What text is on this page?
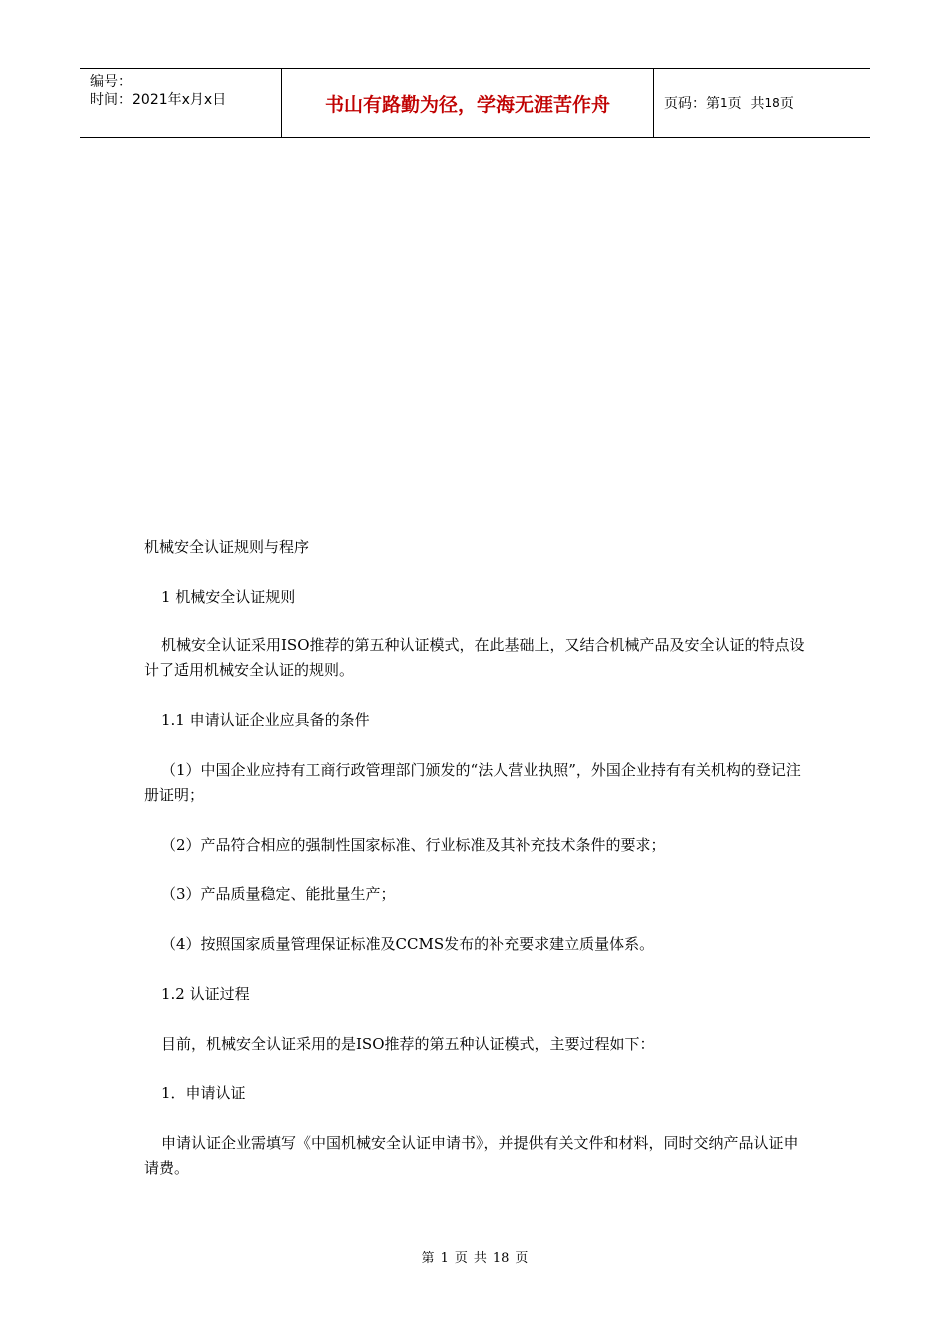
编号：
时间：2021年x月x日	书山有路勤为径，学海无涯苦作舟	页码：第 1 页  共 18 页
机械安全认证规则与程序
1 机械安全认证规则
机械安全认证采用ISO推荐的第五种认证模式，在此基础上，又结合机械产品及安全认证的特点设计了适用机械安全认证的规则。
1.1 申请认证企业应具备的条件
（1）中国企业应持有工商行政管理部门颁发的“法人营业执照”，外国企业持有有关机构的登记注册证明；
（2）产品符合相应的强制性国家标准、行业标准及其补充技术条件的要求；
（3）产品质量稳定、能批量生产；
（4）按照国家质量管理保证标准及CCMS发布的补充要求建立质量体系。
1.2 认证过程
目前，机械安全认证采用的是ISO推荐的第五种认证模式，主要过程如下：
1．申请认证
申请认证企业需填写《中国机械安全认证申请书》，并提供有关文件和材料，同时交纳产品认证申请费。
第 1 页 共 18 页
